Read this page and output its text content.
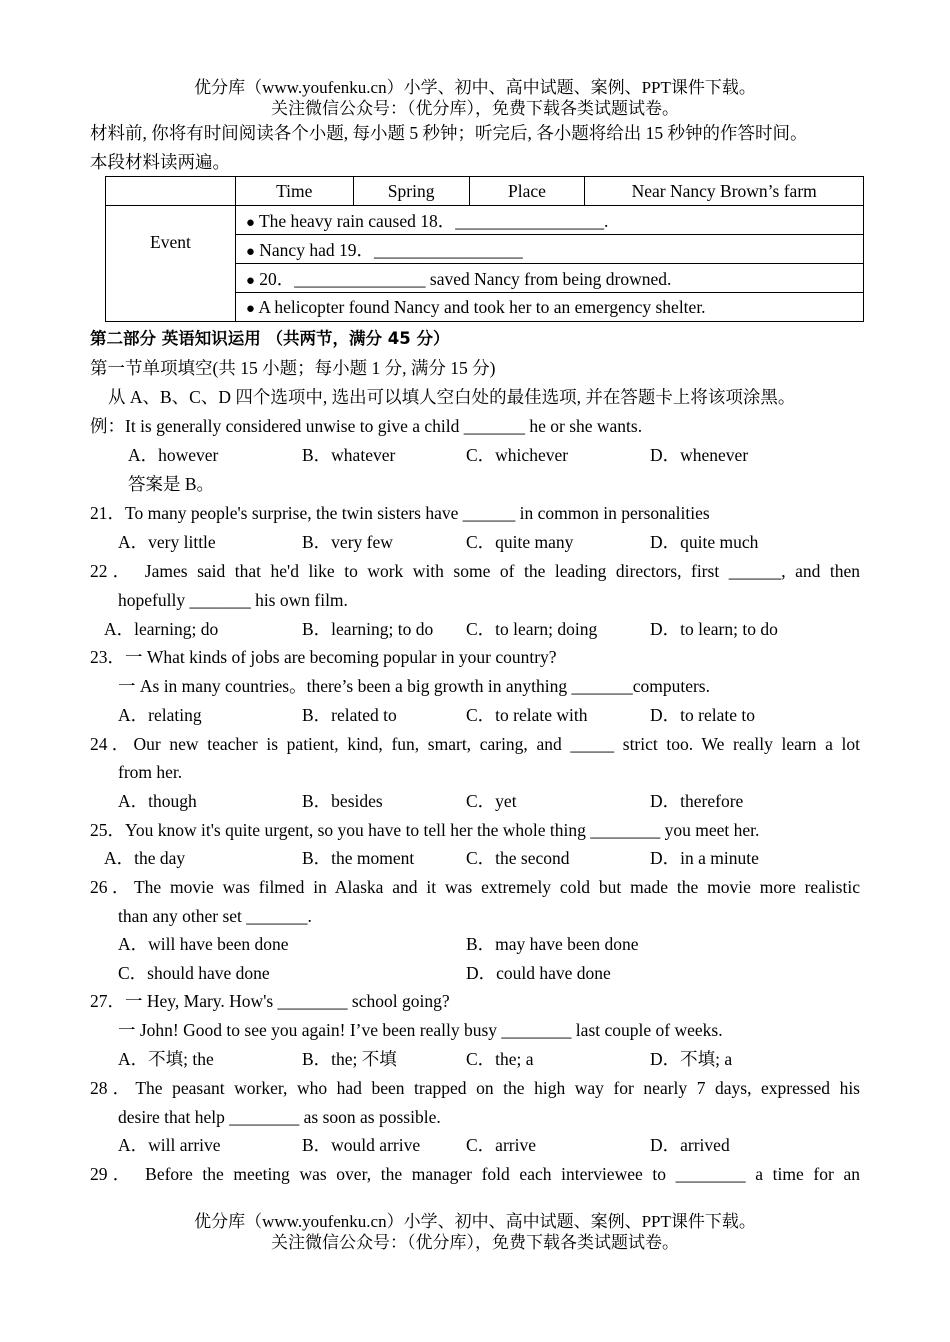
优分库（www.youfenku.cn）小学、初中、高中试题、案例、PPT课件下载。
关注微信公众号：（优分库），免费下载各类试题试卷。
材料前, 你将有时间阅读各个小题, 每小题 5 秒钟；听完后, 各小题将给出 15 秒钟的作答时间。
本段材料读两遍。
	Time	Spring	Place	Near Nancy Brown’s farm
Event	● The heavy rain caused 18．_________________.			
	● Nancy had 19．_________________			
	● 20．_______________ saved Nancy from being drowned.			
	● A helicopter found Nancy and took her to an emergency shelter.			
第二部分 英语知识运用 （共两节，满分 45 分）
第一节单项填空(共 15 小题；每小题 1 分, 满分 15 分)
从 A、B、C、D 四个选项中, 选出可以填人空白处的最佳选项, 并在答题卡上将该项涂黑。
例：It is generally considered unwise to give a child _______ he or she wants.
A．however	B．whatever	C．whichever	D．whenever
答案是 B。
21．To many people's surprise, the twin sisters have ______ in common in personalities
A．very little	B．very few	C．quite many	D．quite much
22． James said that he'd like to work with some of the leading directors, first ______, and then
hopefully _______ his own film.
A．learning; do	B．learning; to do C．to learn; doing	D．to learn; to do
23．一 What kinds of jobs are becoming popular in your country?
一 As in many countries。there’s been a big growth in anything _______computers.
A．relating	B．related to	C．to relate with	D．to relate to
24．Our new teacher is patient, kind, fun, smart, caring, and _____ strict too. We really learn a lot
from her.
A．though	B．besides	C．yet	D．therefore
25．You know it's quite urgent, so you have to tell her the whole thing ________ you meet her.
A．the day	B．the moment	C．the second	D．in a minute
26．The movie was filmed in Alaska and it was extremely cold but made the movie more realistic
than any other set _______.
A．will have been done	B．may have been done
C．should have done	D．could have done
27．一 Hey, Mary. How's ________ school going?
一 John! Good to see you again! I’ve been really busy ________ last couple of weeks.
A．不填; the	B．the; 不填	C．the; a	D．不填; a
28．The peasant worker, who had been trapped on the high way for nearly 7 days, expressed his
desire that help ________ as soon as possible.
A．will arrive	B．would arrive	C．arrive	D．arrived
29． Before the meeting was over, the manager fold each interviewee to ________ a time for an
优分库（www.youfenku.cn）小学、初中、高中试题、案例、PPT课件下载。
关注微信公众号：（优分库），免费下载各类试题试卷。
